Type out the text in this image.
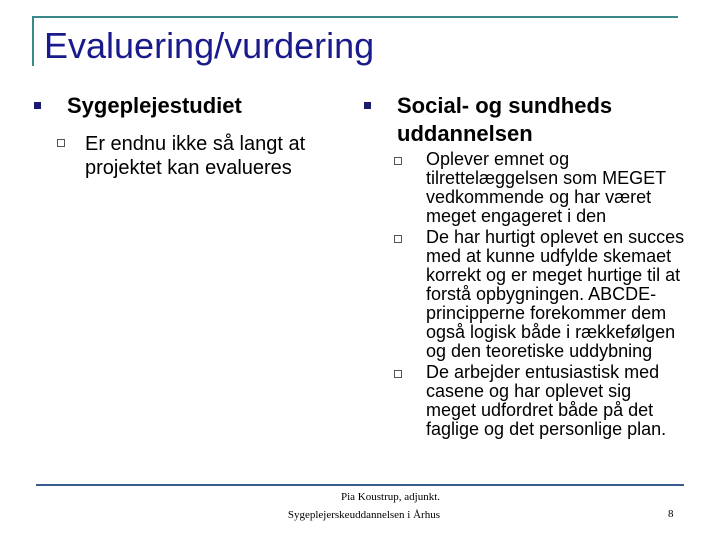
Evaluering/vurdering
Sygeplejestudiet
Er endnu ikke så langt at projektet kan evalueres
Social- og sundheds uddannelsen
Oplever emnet og tilrettelæggelsen som MEGET vedkommende og har været meget engageret i den
De har hurtigt oplevet en succes med at kunne udfylde skemaet korrekt og er meget hurtige til at forstå opbygningen. ABCDE-principperne forekommer dem også logisk både i rækkefølgen og den teoretiske uddybning
De arbejder entusiastisk med casene og har oplevet sig meget udfordret både på det faglige og det personlige plan.
Pia Koustrup, adjunkt.
Sygeplejerskeuddannelsen i Århus	8
